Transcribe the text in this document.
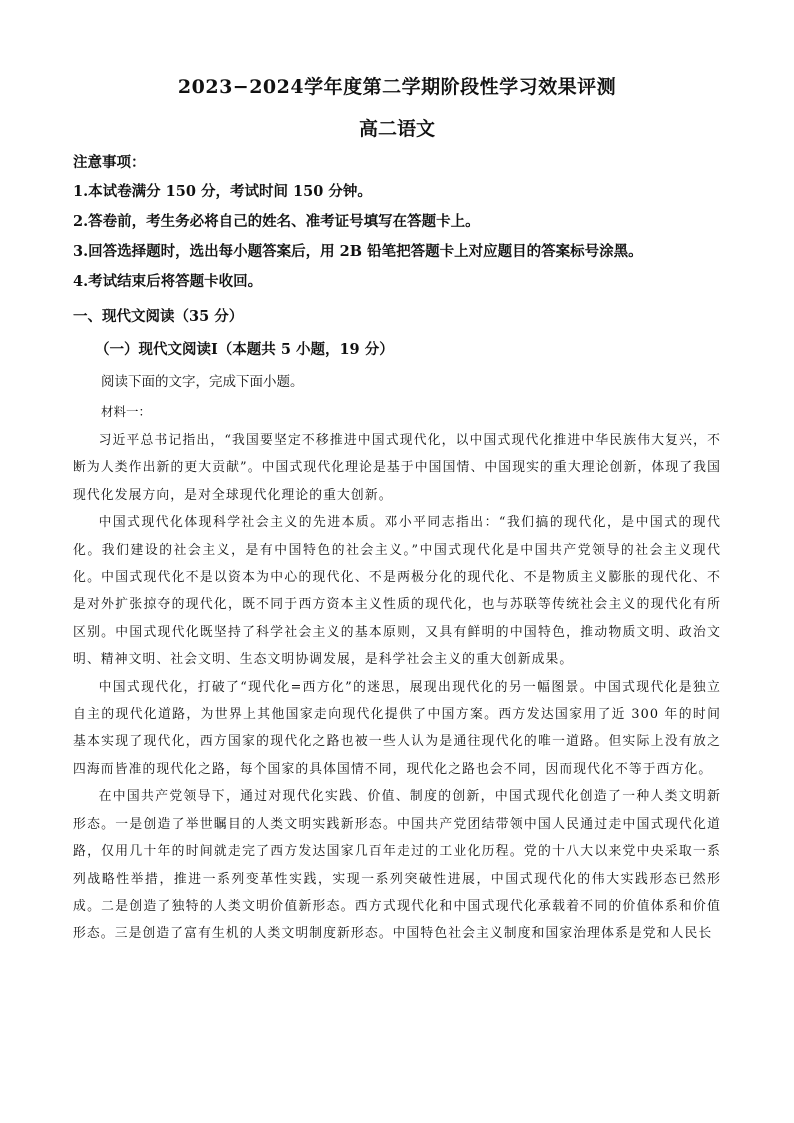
2023−2024学年度第二学期阶段性学习效果评测
高二语文
注意事项：
1.本试卷满分 150 分，考试时间 150 分钟。
2.答卷前，考生务必将自己的姓名、准考证号填写在答题卡上。
3.回答选择题时，选出每小题答案后，用 2B 铅笔把答题卡上对应题目的答案标号涂黑。
4.考试结束后将答题卡收回。
一、现代文阅读（35 分）
（一）现代文阅读Ⅰ（本题共 5 小题，19 分）
阅读下面的文字，完成下面小题。
材料一：

习近平总书记指出，“我国要坚定不移推进中国式现代化，以中国式现代化推进中华民族伟大复兴，不断为人类作出新的更大贡献”。中国式现代化理论是基于中国国情、中国现实的重大理论创新，体现了我国现代化发展方向，是对全球现代化理论的重大创新。

中国式现代化体现科学社会主义的先进本质。邓小平同志指出：“我们搞的现代化，是中国式的现代化。我们建设的社会主义，是有中国特色的社会主义。”中国式现代化是中国共产党领导的社会主义现代化。中国式现代化不是以资本为中心的现代化、不是两极分化的现代化、不是物质主义膨胀的现代化、不是对外扩张掠夺的现代化，既不同于西方资本主义性质的现代化，也与苏联等传统社会主义的现代化有所区别。中国式现代化既坚持了科学社会主义的基本原则，又具有鲜明的中国特色，推动物质文明、政治文明、精神文明、社会文明、生态文明协调发展，是科学社会主义的重大创新成果。

中国式现代化，打破了“现代化=西方化”的迷思，展现出现代化的另一幅图景。中国式现代化是独立自主的现代化道路，为世界上其他国家走向现代化提供了中国方案。西方发达国家用了近 300 年的时间基本实现了现代化，西方国家的现代化之路也被一些人认为是通往现代化的唯一道路。但实际上没有放之四海而皆准的现代化之路，每个国家的具体国情不同，现代化之路也会不同，因而现代化不等于西方化。

在中国共产党领导下，通过对现代化实践、价值、制度的创新，中国式现代化创造了一种人类文明新形态。一是创造了举世瞩目的人类文明实践新形态。中国共产党团结带领中国人民通过走中国式现代化道路，仅用几十年的时间就走完了西方发达国家几百年走过的工业化历程。党的十八大以来党中央采取一系列战略性举措，推进一系列变革性实践，实现一系列突破性进展，中国式现代化的伟大实践形态已然形成。二是创造了独特的人类文明价值新形态。西方式现代化和中国式现代化承载着不同的价值体系和价值形态。三是创造了富有生机的人类文明制度新形态。中国特色社会主义制度和国家治理体系是党和人民长
